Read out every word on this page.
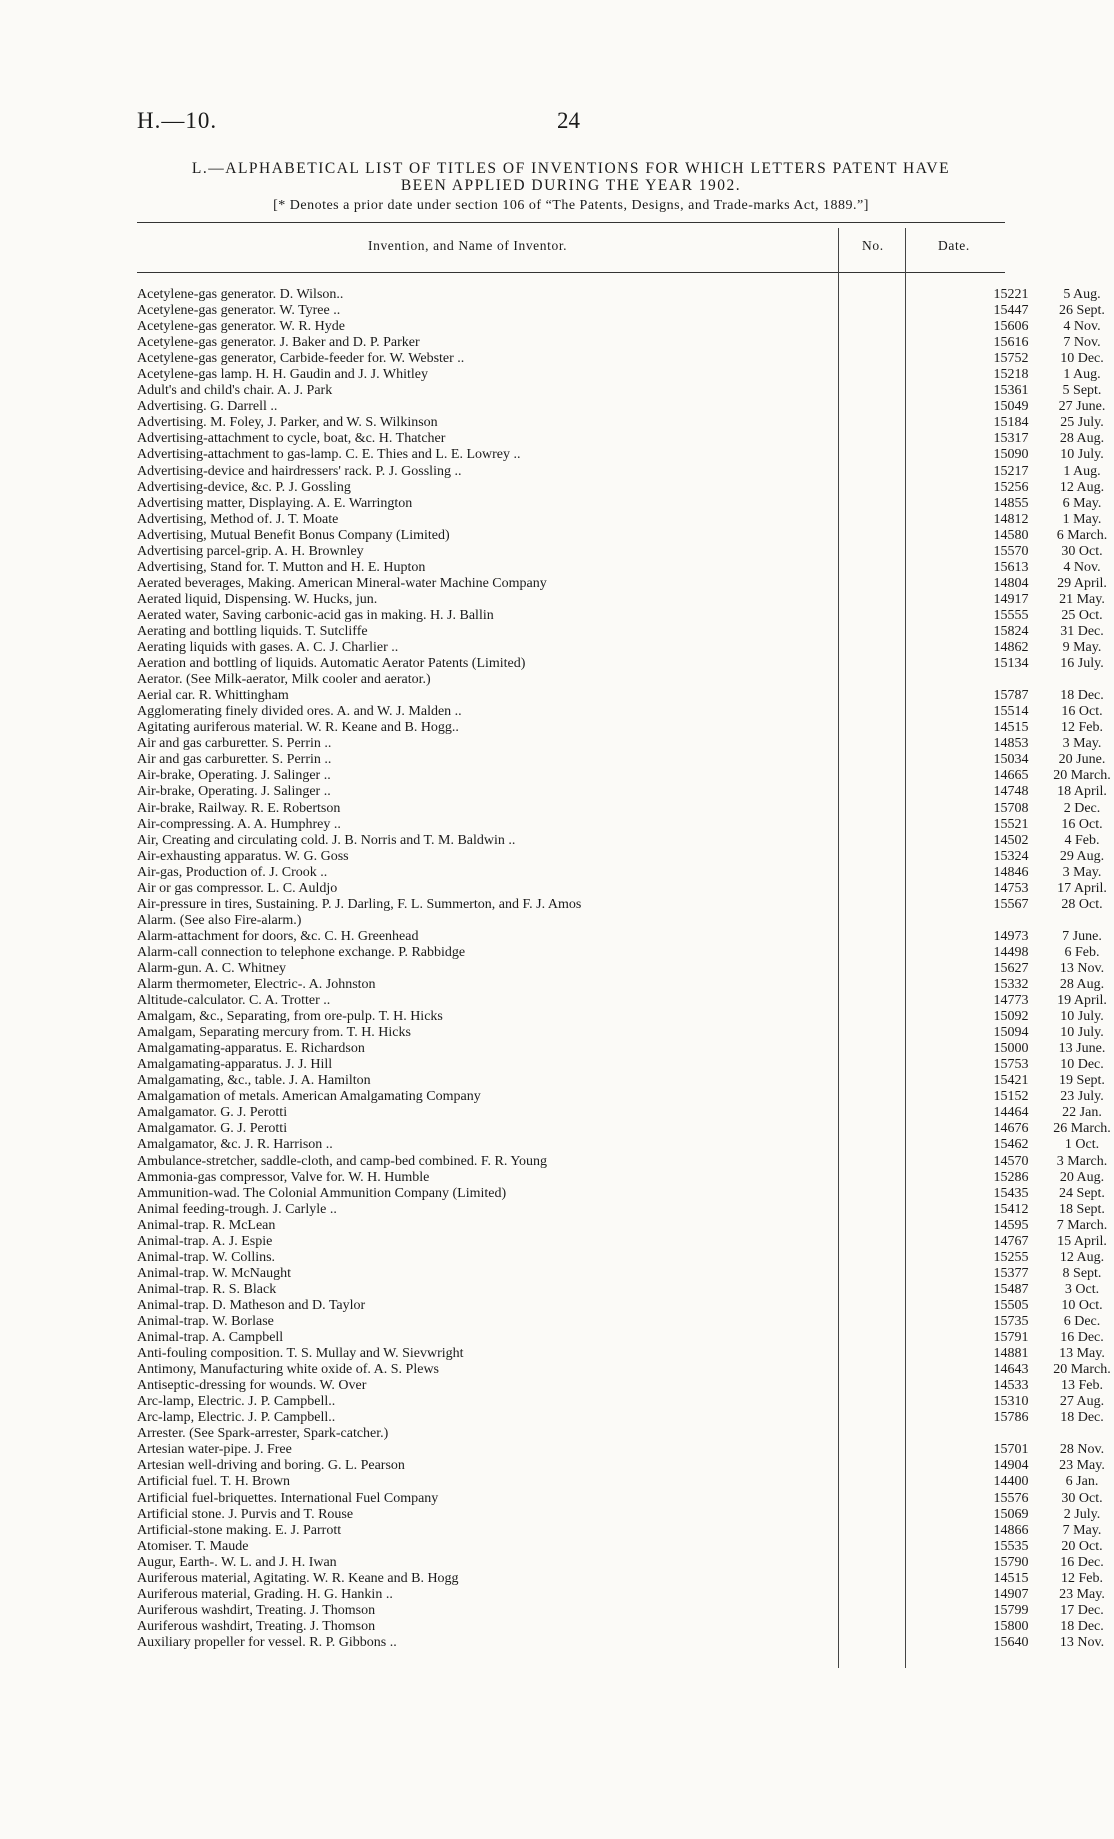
H.—10.	24
L.—ALPHABETICAL LIST OF TITLES OF INVENTIONS FOR WHICH LETTERS PATENT HAVE
BEEN APPLIED DURING THE YEAR 1902.
[* Denotes a prior date under section 106 of “The Patents, Designs, and Trade-marks Act, 1889.”]
Invention, and Name of Inventor.	No.	Date.
Acetylene-gas generator. D. Wilson..	15221	5 Aug.
Acetylene-gas generator. W. Tyree ..	15447	26 Sept.
Acetylene-gas generator. W. R. Hyde	15606	4 Nov.
Acetylene-gas generator. J. Baker and D. P. Parker	15616	7 Nov.
Acetylene-gas generator, Carbide-feeder for. W. Webster ..	15752	10 Dec.
Acetylene-gas lamp. H. H. Gaudin and J. J. Whitley	15218	1 Aug.
Adult's and child's chair. A. J. Park	15361	5 Sept.
Advertising. G. Darrell ..	15049	27 June.
Advertising. M. Foley, J. Parker, and W. S. Wilkinson	15184	25 July.
Advertising-attachment to cycle, boat, &c. H. Thatcher	15317	28 Aug.
Advertising-attachment to gas-lamp. C. E. Thies and L. E. Lowrey ..	15090	10 July.
Advertising-device and hairdressers' rack. P. J. Gossling ..	15217	1 Aug.
Advertising-device, &c. P. J. Gossling	15256	12 Aug.
Advertising matter, Displaying. A. E. Warrington	14855	6 May.
Advertising, Method of. J. T. Moate	14812	1 May.
Advertising, Mutual Benefit Bonus Company (Limited)	14580	6 March.
Advertising parcel-grip. A. H. Brownley	15570	30 Oct.
Advertising, Stand for. T. Mutton and H. E. Hupton	15613	4 Nov.
Aerated beverages, Making. American Mineral-water Machine Company	14804	29 April.
Aerated liquid, Dispensing. W. Hucks, jun.	14917	21 May.
Aerated water, Saving carbonic-acid gas in making. H. J. Ballin	15555	25 Oct.
Aerating and bottling liquids. T. Sutcliffe	15824	31 Dec.
Aerating liquids with gases. A. C. J. Charlier ..	14862	9 May.
Aeration and bottling of liquids. Automatic Aerator Patents (Limited)	15134	16 July.
Aerator. (See Milk-aerator, Milk cooler and aerator.)
Aerial car. R. Whittingham	15787	18 Dec.
Agglomerating finely divided ores. A. and W. J. Malden ..	15514	16 Oct.
Agitating auriferous material. W. R. Keane and B. Hogg..	14515	12 Feb.
Air and gas carburetter. S. Perrin ..	14853	3 May.
Air and gas carburetter. S. Perrin ..	15034	20 June.
Air-brake, Operating. J. Salinger ..	14665	20 March.
Air-brake, Operating. J. Salinger ..	14748	18 April.
Air-brake, Railway. R. E. Robertson	15708	2 Dec.
Air-compressing. A. A. Humphrey ..	15521	16 Oct.
Air, Creating and circulating cold. J. B. Norris and T. M. Baldwin ..	14502	4 Feb.
Air-exhausting apparatus. W. G. Goss	15324	29 Aug.
Air-gas, Production of. J. Crook ..	14846	3 May.
Air or gas compressor. L. C. Auldjo	14753	17 April.
Air-pressure in tires, Sustaining. P. J. Darling, F. L. Summerton, and F. J. Amos	15567	28 Oct.
Alarm. (See also Fire-alarm.)
Alarm-attachment for doors, &c. C. H. Greenhead	14973	7 June.
Alarm-call connection to telephone exchange. P. Rabbidge	14498	6 Feb.
Alarm-gun. A. C. Whitney	15627	13 Nov.
Alarm thermometer, Electric-. A. Johnston	15332	28 Aug.
Altitude-calculator. C. A. Trotter ..	14773	19 April.
Amalgam, &c., Separating, from ore-pulp. T. H. Hicks	15092	10 July.
Amalgam, Separating mercury from. T. H. Hicks	15094	10 July.
Amalgamating-apparatus. E. Richardson	15000	13 June.
Amalgamating-apparatus. J. J. Hill	15753	10 Dec.
Amalgamating, &c., table. J. A. Hamilton	15421	19 Sept.
Amalgamation of metals. American Amalgamating Company	15152	23 July.
Amalgamator. G. J. Perotti	14464	22 Jan.
Amalgamator. G. J. Perotti	14676	26 March.
Amalgamator, &c. J. R. Harrison ..	15462	1 Oct.
Ambulance-stretcher, saddle-cloth, and camp-bed combined. F. R. Young	14570	3 March.
Ammonia-gas compressor, Valve for. W. H. Humble	15286	20 Aug.
Ammunition-wad. The Colonial Ammunition Company (Limited)	15435	24 Sept.
Animal feeding-trough. J. Carlyle ..	15412	18 Sept.
Animal-trap. R. McLean	14595	7 March.
Animal-trap. A. J. Espie	14767	15 April.
Animal-trap. W. Collins.	15255	12 Aug.
Animal-trap. W. McNaught	15377	8 Sept.
Animal-trap. R. S. Black	15487	3 Oct.
Animal-trap. D. Matheson and D. Taylor	15505	10 Oct.
Animal-trap. W. Borlase	15735	6 Dec.
Animal-trap. A. Campbell	15791	16 Dec.
Anti-fouling composition. T. S. Mullay and W. Sievwright	14881	13 May.
Antimony, Manufacturing white oxide of. A. S. Plews	14643	20 March.
Antiseptic-dressing for wounds. W. Over	14533	13 Feb.
Arc-lamp, Electric. J. P. Campbell..	15310	27 Aug.
Arc-lamp, Electric. J. P. Campbell..	15786	18 Dec.
Arrester. (See Spark-arrester, Spark-catcher.)
Artesian water-pipe. J. Free	15701	28 Nov.
Artesian well-driving and boring. G. L. Pearson	14904	23 May.
Artificial fuel. T. H. Brown	14400	6 Jan.
Artificial fuel-briquettes. International Fuel Company	15576	30 Oct.
Artificial stone. J. Purvis and T. Rouse	15069	2 July.
Artificial-stone making. E. J. Parrott	14866	7 May.
Atomiser. T. Maude	15535	20 Oct.
Augur, Earth-. W. L. and J. H. Iwan	15790	16 Dec.
Auriferous material, Agitating. W. R. Keane and B. Hogg	14515	12 Feb.
Auriferous material, Grading. H. G. Hankin ..	14907	23 May.
Auriferous washdirt, Treating. J. Thomson	15799	17 Dec.
Auriferous washdirt, Treating. J. Thomson	15800	18 Dec.
Auxiliary propeller for vessel. R. P. Gibbons ..	15640	13 Nov.
